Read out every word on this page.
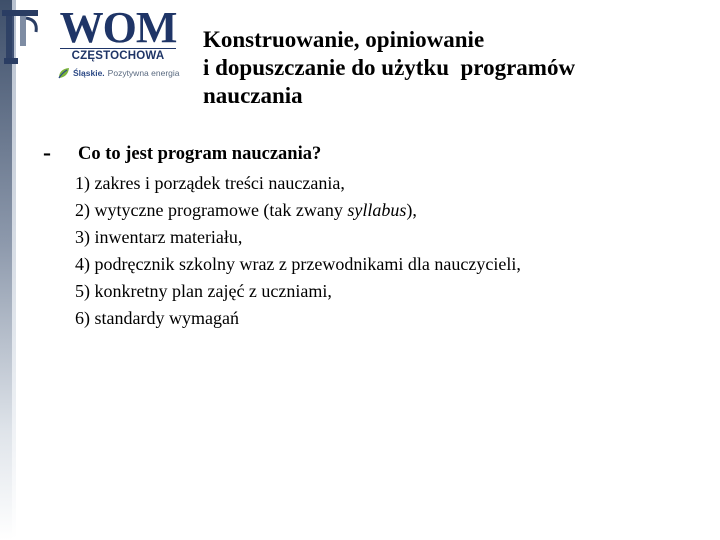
WOM
CZĘSTOCHOWA
Śląskie. Pozytywna energia
Konstruowanie, opiniowanie
i dopuszczanie do użytku  programów
nauczania
- Co to jest program nauczania?
1) zakres i porządek treści nauczania,
2) wytyczne programowe (tak zwany syllabus),
3) inwentarz materiału,
4) podręcznik szkolny wraz z przewodnikami dla nauczycieli,
5) konkretny plan zajęć z uczniami,
6) standardy wymagań
